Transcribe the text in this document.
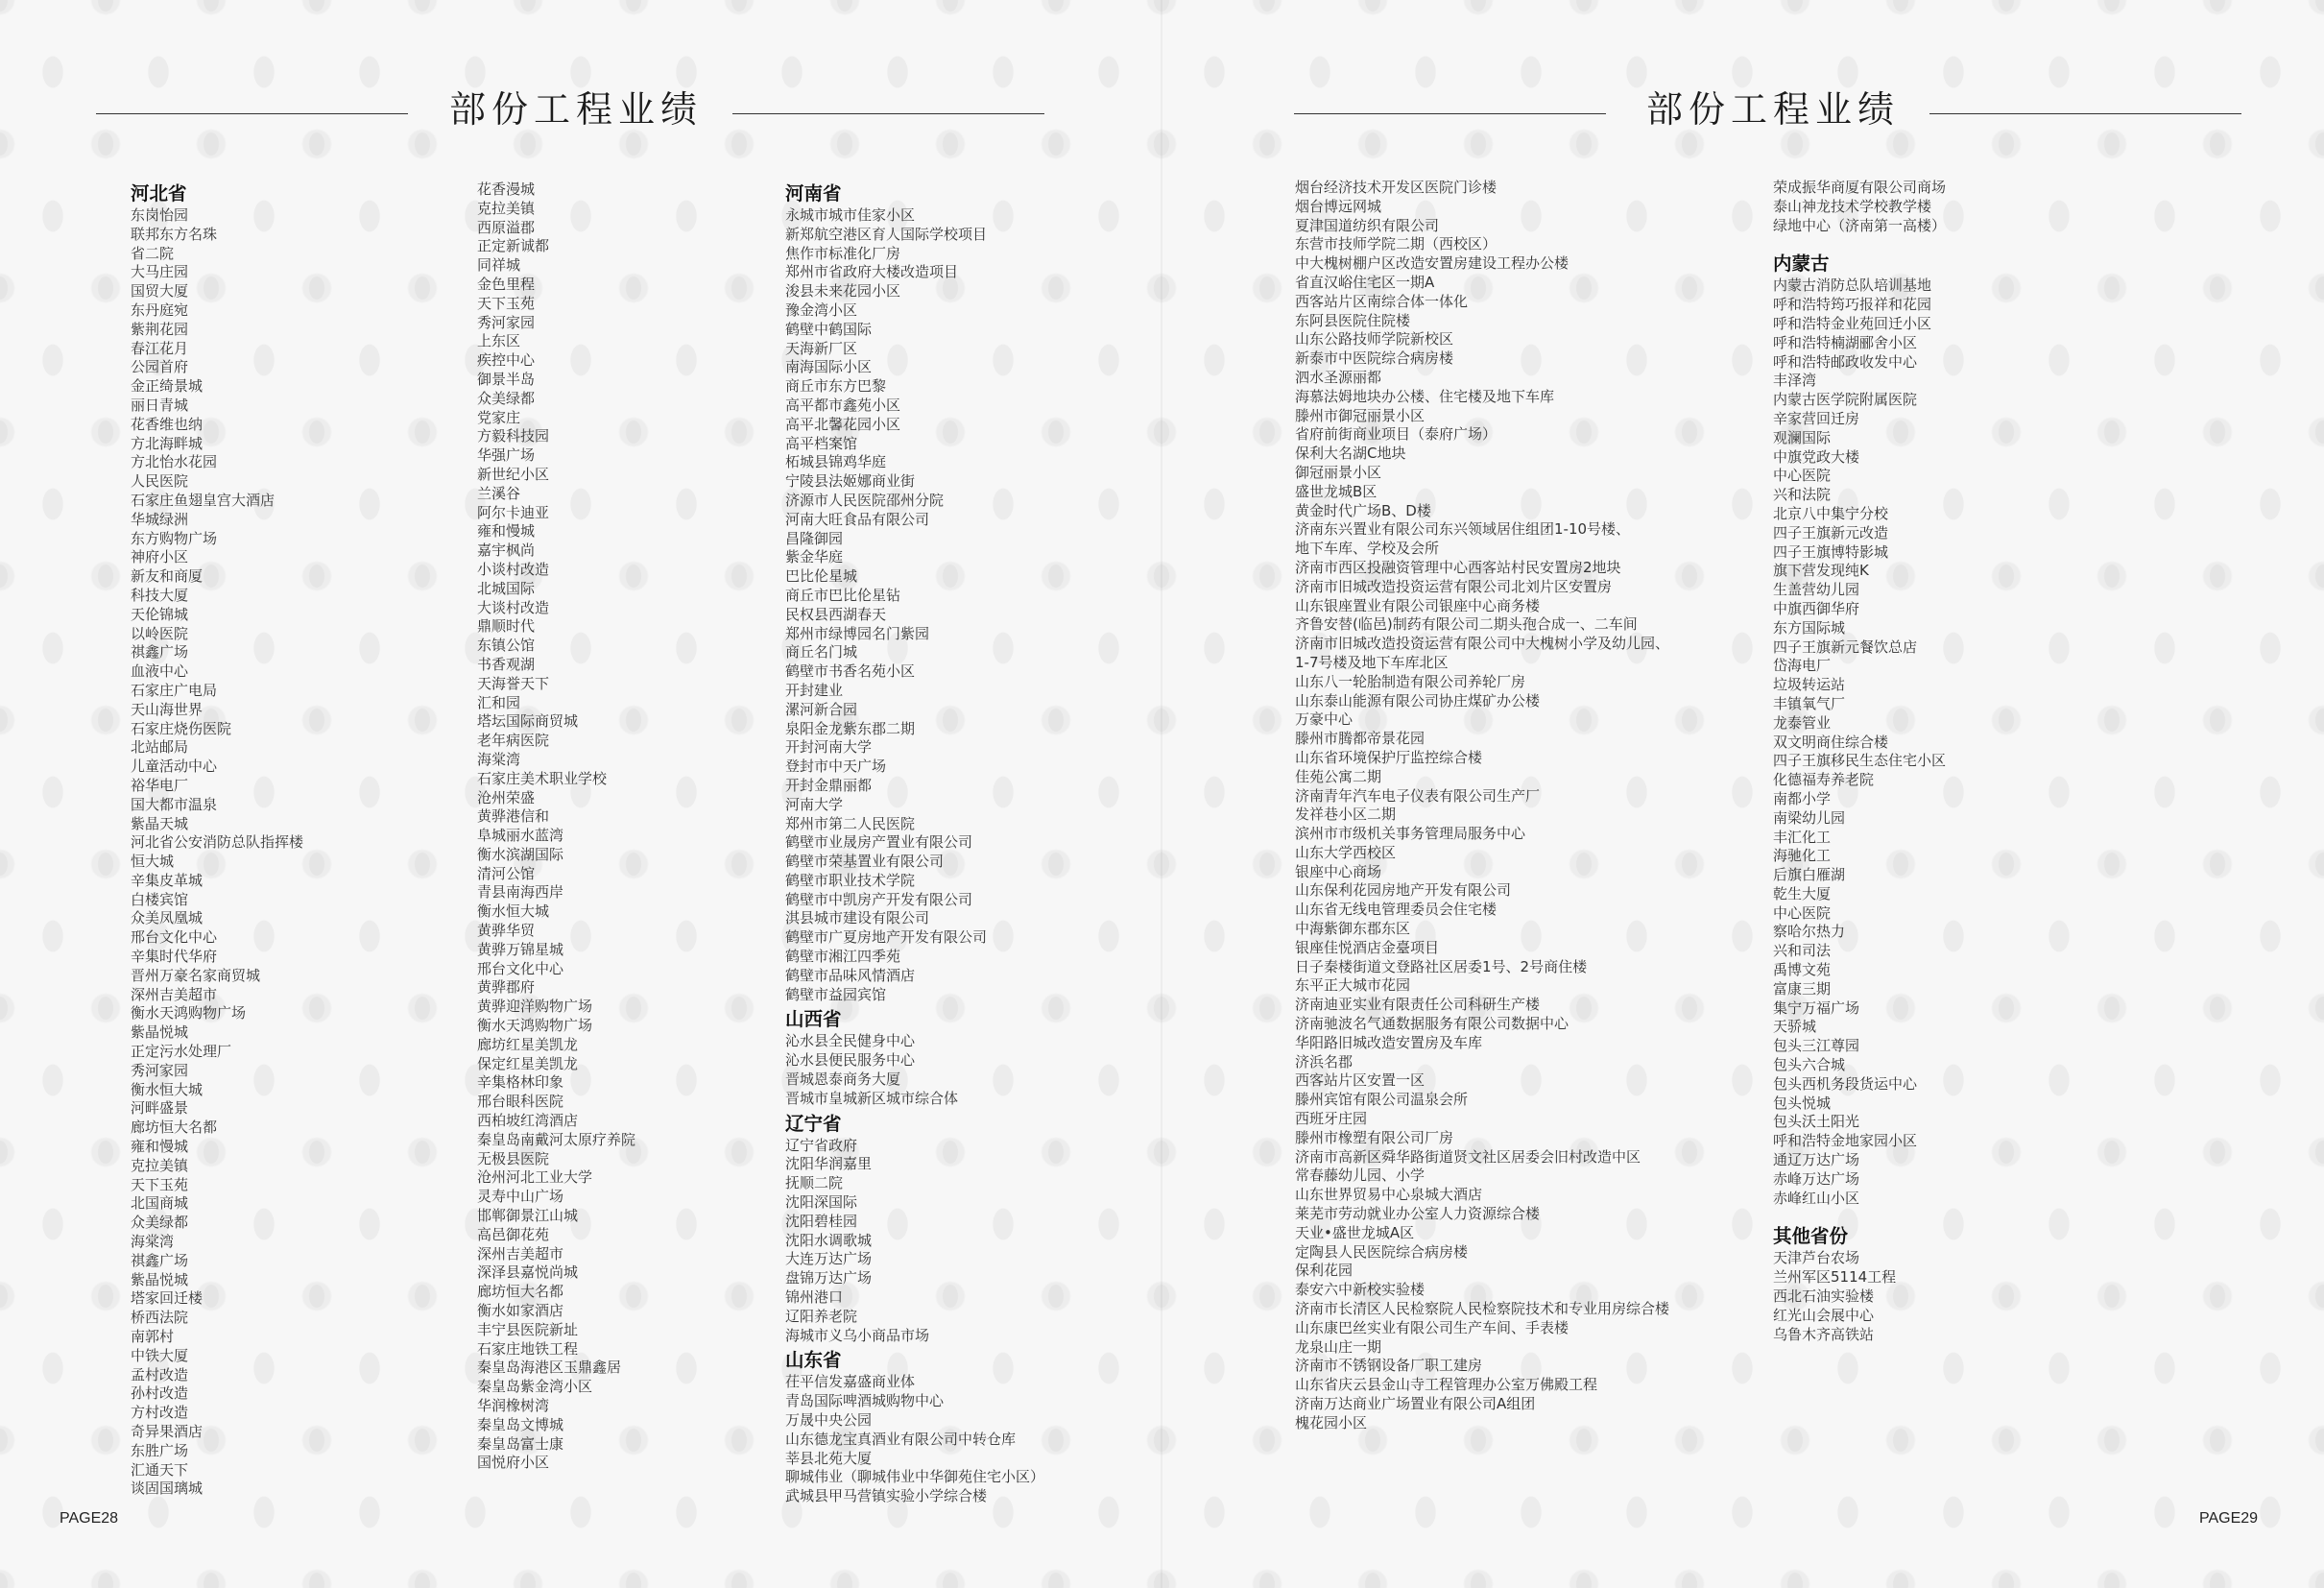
部份工程业绩
河北省
东岗怡园
联邦东方名珠
省二院
大马庄园
国贸大厦
东丹庭宛
紫荆花园
春江花月
公园首府
金正绮景城
丽日青城
花香维也纳
方北海畔城
方北怡水花园
人民医院
石家庄鱼翅皇宫大酒店
华城绿洲
东方购物广场
神府小区
新友和商厦
科技大厦
天伦锦城
以岭医院
祺鑫广场
血液中心
石家庄广电局
天山海世界
石家庄烧伤医院
北站邮局
儿童活动中心
裕华电厂
国大都市温泉
紫晶天城
河北省公安消防总队指挥楼
恒大城
辛集皮革城
白楼宾馆
众美凤凰城
邢台文化中心
辛集时代华府
晋州万豪名家商贸城
深州吉美超市
衡水天鸿购物广场
紫晶悦城
正定污水处理厂
秀河家园
衡水恒大城
河畔盛景
廊坊恒大名都
雍和慢城
克拉美镇
天下玉苑
北国商城
众美绿都
海棠湾
祺鑫广场
紫晶悦城
塔家回迁楼
桥西法院
南郭村
中铁大厦
孟村改造
孙村改造
方村改造
奇异果酒店
东胜广场
汇通天下
谈固国璃城
花香漫城
克拉美镇
西原溢郡
正定新诚都
同祥城
金色里程
天下玉苑
秀河家园
上东区
疾控中心
御景半岛
众美绿都
党家庄
方毅科技园
华强广场
新世纪小区
兰溪谷
阿尔卡迪亚
雍和慢城
嘉宇枫尚
小谈村改造
北城国际
大谈村改造
鼎顺时代
东镇公馆
书香观湖
天海誉天下
汇和园
塔坛国际商贸城
老年病医院
海棠湾
石家庄美术职业学校
沧州荣盛
黄骅港信和
阜城丽水蓝湾
衡水滨湖国际
清河公馆
青县南海西岸
衡水恒大城
黄骅华贸
黄骅万锦星城
邢台文化中心
黄骅郡府
黄骅迎洋购物广场
衡水天鸿购物广场
廊坊红星美凯龙
保定红星美凯龙
辛集格林印象
邢台眼科医院
西柏坡红湾酒店
秦皇岛南戴河太原疗养院
无极县医院
沧州河北工业大学
灵寿中山广场
邯郸御景江山城
高邑御花苑
深州吉美超市
深泽县嘉悦尚城
廊坊恒大名都
衡水如家酒店
丰宁县医院新址
石家庄地铁工程
秦皇岛海港区玉鼎鑫居
秦皇岛紫金湾小区
华润橡树湾
秦皇岛文博城
秦皇岛富士康
国悦府小区
河南省
永城市城市佳家小区
新郑航空港区育人国际学校项目
焦作市标准化厂房
郑州市省政府大楼改造项目
浚县未来花园小区
豫金湾小区
鹤壁中鹤国际
天海新厂区
南海国际小区
商丘市东方巴黎
高平都市鑫苑小区
高平北馨花园小区
高平档案馆
柘城县锦鸡华庭
宁陵县法姬娜商业街
济源市人民医院邵州分院
河南大旺食品有限公司
昌隆御园
紫金华庭
巴比伦星城
商丘市巴比伦星钻
民权县西湖春天
郑州市绿博园名门紫园
商丘名门城
鹤壁市书香名苑小区
开封建业
漯河新合园
泉阳金龙紫东郡二期
开封河南大学
登封市中天广场
开封金鼎丽都
河南大学
郑州市第二人民医院
鹤壁市业晟房产置业有限公司
鹤壁市荣基置业有限公司
鹤壁市职业技术学院
鹤壁市中凯房产开发有限公司
淇县城市建设有限公司
鹤壁市广夏房地产开发有限公司
鹤壁市湘江四季苑
鹤壁市品味风情酒店
鹤壁市益园宾馆
山西省
沁水县全民健身中心
沁水县便民服务中心
晋城恩泰商务大厦
晋城市皇城新区城市综合体
辽宁省
辽宁省政府
沈阳华润嘉里
抚顺二院
沈阳深国际
沈阳碧桂园
沈阳水调歌城
大连万达广场
盘锦万达广场
锦州港口
辽阳养老院
海城市义乌小商品市场
山东省
茌平信发嘉盛商业体
青岛国际啤酒城购物中心
万晟中央公园
山东德龙宝真酒业有限公司中转仓库
莘县北苑大厦
聊城伟业（聊城伟业中华御苑住宅小区）
武城县甲马营镇实验小学综合楼
PAGE28
部份工程业绩
烟台经济技术开发区医院门诊楼
烟台博远网城
夏津国道纺织有限公司
东营市技师学院二期（西校区）
中大槐树棚户区改造安置房建设工程办公楼
省直汉峪住宅区一期A
西客站片区南综合体一体化
东阿县医院住院楼
山东公路技师学院新校区
新泰市中医院综合病房楼
泗水圣源丽都
海慕法姆地块办公楼、住宅楼及地下车库
滕州市御冠丽景小区
省府前街商业项目（泰府广场）
保利大名湖C地块
御冠丽景小区
盛世龙城B区
黄金时代广场B、D楼
济南东兴置业有限公司东兴领域居住组团1-10号楼、
地下车库、学校及会所
济南市西区投融资管理中心西客站村民安置房2地块
济南市旧城改造投资运营有限公司北刘片区安置房
山东银座置业有限公司银座中心商务楼
齐鲁安替(临邑)制药有限公司二期头孢合成一、二车间
济南市旧城改造投资运营有限公司中大槐树小学及幼儿园、
1-7号楼及地下车库北区
山东八一轮胎制造有限公司养轮厂房
山东泰山能源有限公司协庄煤矿办公楼
万豪中心
滕州市腾都帝景花园
山东省环境保护厅监控综合楼
佳苑公寓二期
济南青年汽车电子仪表有限公司生产厂
发祥巷小区二期
滨州市市级机关事务管理局服务中心
山东大学西校区
银座中心商场
山东保利花园房地产开发有限公司
山东省无线电管理委员会住宅楼
中海紫御东郡东区
银座佳悦酒店金臺项目
日子秦楼街道文登路社区居委1号、2号商住楼
东平正大城市花园
济南迪亚实业有限责任公司科研生产楼
济南驰波名气通数据服务有限公司数据中心
华阳路旧城改造安置房及车库
济浜名郡
西客站片区安置一区
滕州宾馆有限公司温泉会所
西班牙庄园
滕州市橡塑有限公司厂房
济南市高新区舜华路街道贤文社区居委会旧村改造中区
常春藤幼儿园、小学
山东世界贸易中心泉城大酒店
莱芜市劳动就业办公室人力资源综合楼
天业•盛世龙城A区
定陶县人民医院综合病房楼
保利花园
泰安六中新校实验楼
济南市长清区人民检察院人民检察院技术和专业用房综合楼
山东康巴丝实业有限公司生产车间、手表楼
龙泉山庄一期
济南市不锈钢设备厂职工建房
山东省庆云县金山寺工程管理办公室万佛殿工程
济南万达商业广场置业有限公司A组团
槐花园小区
荣成振华商厦有限公司商场
泰山神龙技术学校教学楼
绿地中心（济南第一高楼）
内蒙古
内蒙古消防总队培训基地
呼和浩特筠巧报祥和花园
呼和浩特金业苑回迁小区
呼和浩特楠湖郦舍小区
呼和浩特邮政收发中心
丰泽湾
内蒙古医学院附属医院
辛家营回迁房
观澜国际
中旗党政大楼
中心医院
兴和法院
北京八中集宁分校
四子王旗新元改造
四子王旗博特影城
旗下营发现纯K
生盖营幼儿园
中旗西御华府
东方国际城
四子王旗新元餐饮总店
岱海电厂
垃圾转运站
丰镇氧气厂
龙泰管业
双文明商住综合楼
四子王旗移民生态住宅小区
化德福寿养老院
南都小学
南梁幼儿园
丰汇化工
海驰化工
后旗白雁湖
乾生大厦
中心医院
察哈尔热力
兴和司法
禹博文苑
富康三期
集宁万福广场
天骄城
包头三江尊园
包头六合城
包头西机务段货运中心
包头悦城
包头沃土阳光
呼和浩特金地家园小区
通辽万达广场
赤峰万达广场
赤峰红山小区
其他省份
天津芦台农场
兰州军区5114工程
西北石油实验楼
红光山会展中心
乌鲁木齐高铁站
PAGE29
